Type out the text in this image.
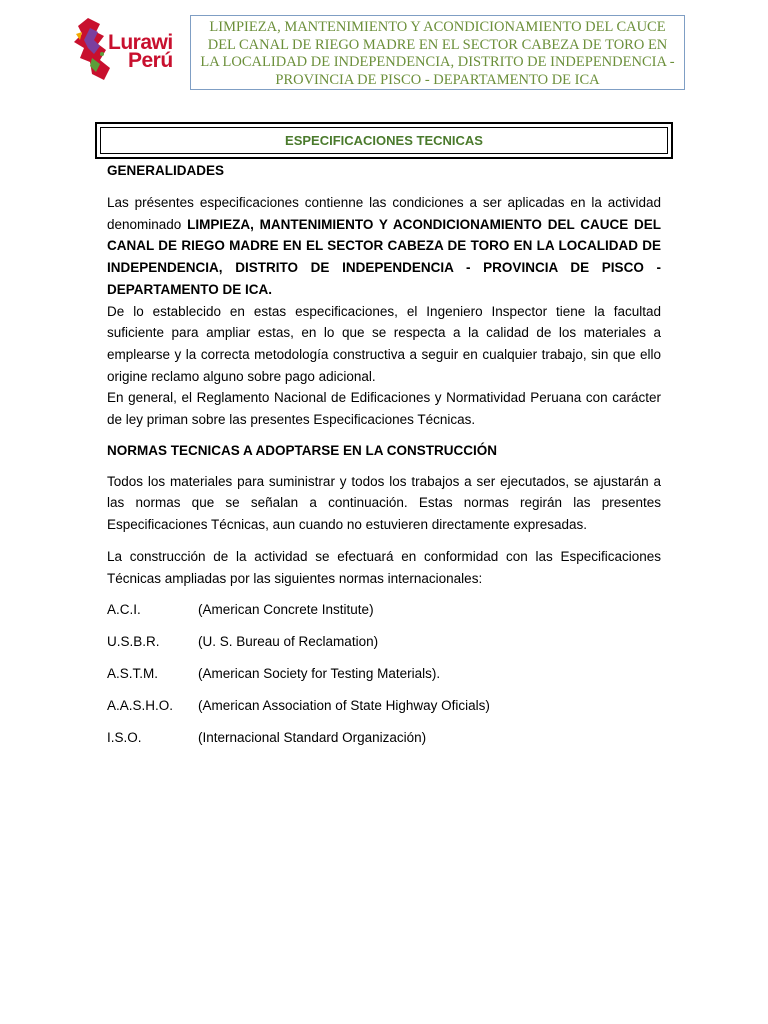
Lurawi
Perú
LIMPIEZA, MANTENIMIENTO Y ACONDICIONAMIENTO DEL CAUCE DEL CANAL DE RIEGO MADRE EN EL SECTOR CABEZA DE TORO EN LA LOCALIDAD DE INDEPENDENCIA, DISTRITO DE INDEPENDENCIA - PROVINCIA DE PISCO - DEPARTAMENTO DE ICA
ESPECIFICACIONES TECNICAS
GENERALIDADES

Las présentes especificaciones contienne las condiciones a ser aplicadas en la actividad denominado LIMPIEZA, MANTENIMIENTO Y ACONDICIONAMIENTO DEL CAUCE DEL CANAL DE RIEGO MADRE EN EL SECTOR CABEZA DE TORO EN LA LOCALIDAD DE INDEPENDENCIA, DISTRITO DE INDEPENDENCIA - PROVINCIA DE PISCO - DEPARTAMENTO DE ICA.

De lo establecido en estas especificaciones, el Ingeniero Inspector tiene la facultad suficiente para ampliar estas, en lo que se respecta a la calidad de los materiales a emplearse y la correcta metodología constructiva a seguir en cualquier trabajo, sin que ello origine reclamo alguno sobre pago adicional.

En general, el Reglamento Nacional de Edificaciones y Normatividad Peruana con carácter de ley priman sobre las presentes Especificaciones Técnicas.

NORMAS TECNICAS A ADOPTARSE EN LA CONSTRUCCIÓN

Todos los materiales para suministrar y todos los trabajos a ser ejecutados, se ajustarán a las normas que se señalan a continuación. Estas normas regirán las presentes Especificaciones Técnicas, aun cuando no estuvieren directamente expresadas.

La construcción de la actividad se efectuará en conformidad con las Especificaciones Técnicas ampliadas por las siguientes normas internacionales:

A.C.I.	(American Concrete Institute)
U.S.B.R.	(U. S. Bureau of Reclamation)
A.S.T.M.	(American Society for Testing Materials).
A.A.S.H.O. (American Association of State Highway Oficials)
I.S.O.	(Internacional Standard Organización)
